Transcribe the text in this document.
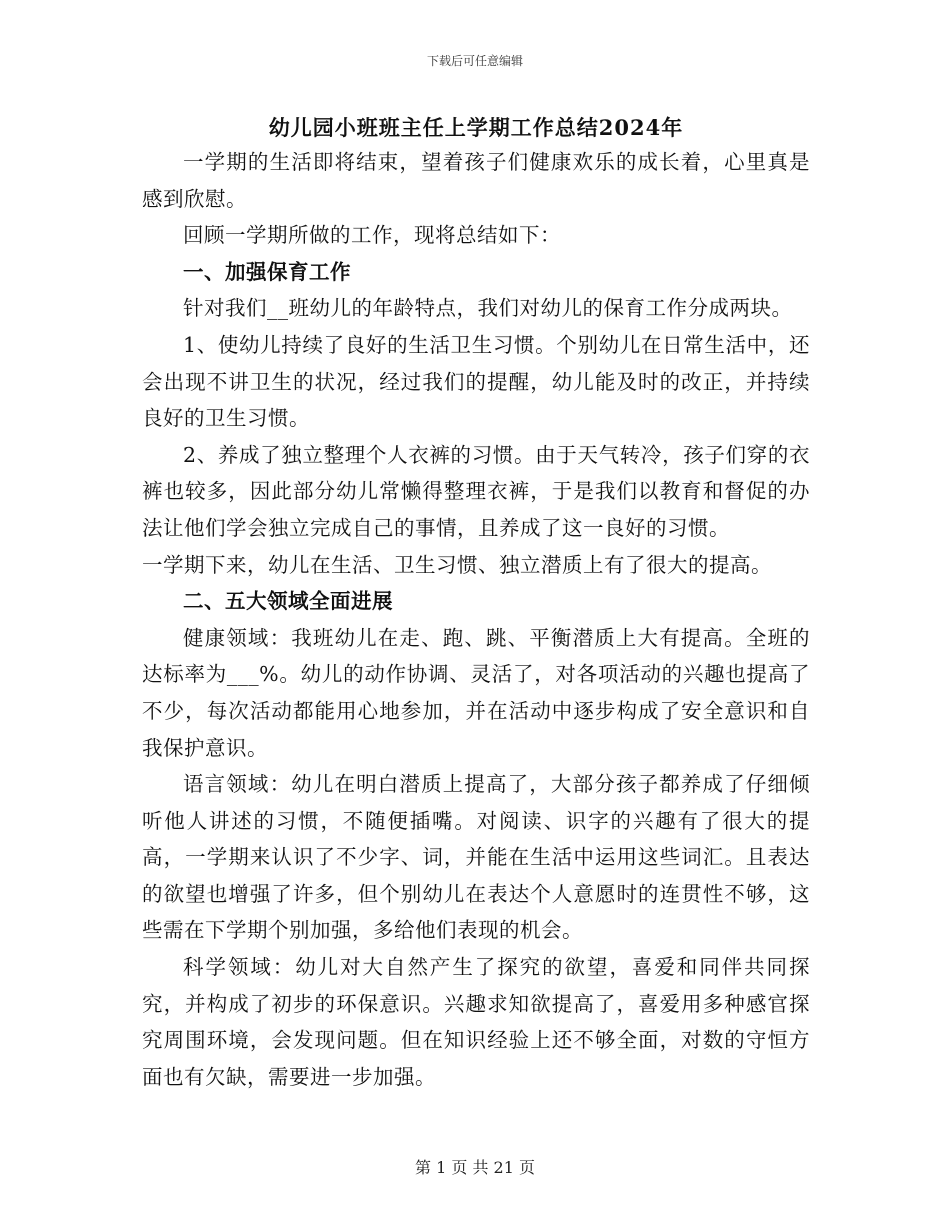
下载后可任意编辑
幼儿园小班班主任上学期工作总结2024年

一学期的生活即将结束，望着孩子们健康欢乐的成长着，心里真是感到欣慰。

回顾一学期所做的工作，现将总结如下：

一、加强保育工作

针对我们__班幼儿的年龄特点，我们对幼儿的保育工作分成两块。

1、使幼儿持续了良好的生活卫生习惯。个别幼儿在日常生活中，还会出现不讲卫生的状况，经过我们的提醒，幼儿能及时的改正，并持续良好的卫生习惯。

2、养成了独立整理个人衣裤的习惯。由于天气转冷，孩子们穿的衣裤也较多，因此部分幼儿常懒得整理衣裤，于是我们以教育和督促的办法让他们学会独立完成自己的事情，且养成了这一良好的习惯。

一学期下来，幼儿在生活、卫生习惯、独立潜质上有了很大的提高。

二、五大领域全面进展

健康领域：我班幼儿在走、跑、跳、平衡潜质上大有提高。全班的达标率为___%。幼儿的动作协调、灵活了，对各项活动的兴趣也提高了不少，每次活动都能用心地参加，并在活动中逐步构成了安全意识和自我保护意识。

语言领域：幼儿在明白潜质上提高了，大部分孩子都养成了仔细倾听他人讲述的习惯，不随便插嘴。对阅读、识字的兴趣有了很大的提高，一学期来认识了不少字、词，并能在生活中运用这些词汇。且表达的欲望也增强了许多，但个别幼儿在表达个人意愿时的连贯性不够，这些需在下学期个别加强，多给他们表现的机会。

科学领域：幼儿对大自然产生了探究的欲望，喜爱和同伴共同探究，并构成了初步的环保意识。兴趣求知欲提高了，喜爱用多种感官探究周围环境，会发现问题。但在知识经验上还不够全面，对数的守恒方面也有欠缺，需要进一步加强。

第 1 页 共 21 页
